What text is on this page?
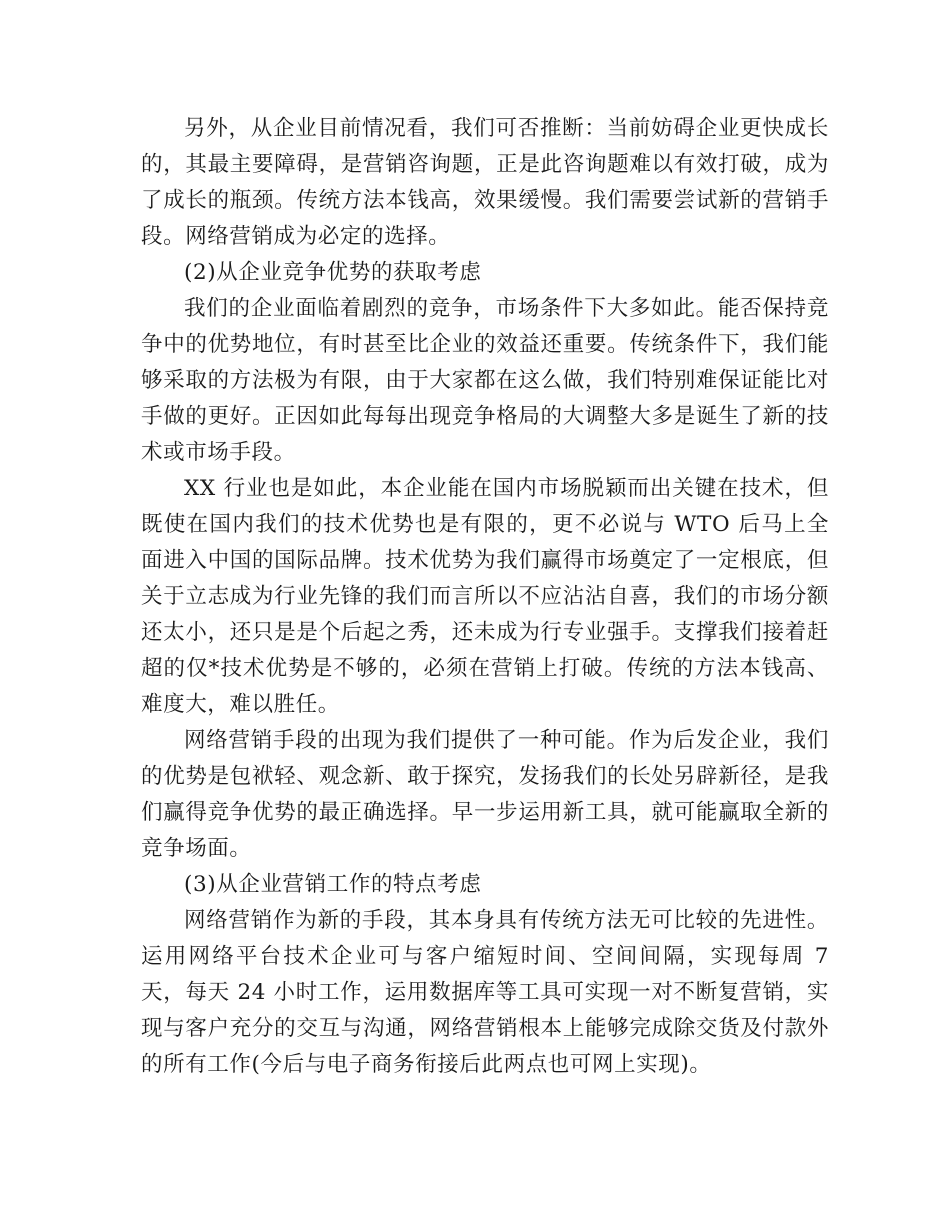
另外，从企业目前情况看，我们可否推断：当前妨碍企业更快成长的，其最主要障碍，是营销咨询题，正是此咨询题难以有效打破，成为了成长的瓶颈。传统方法本钱高，效果缓慢。我们需要尝试新的营销手段。网络营销成为必定的选择。

(2)从企业竞争优势的获取考虑

我们的企业面临着剧烈的竞争，市场条件下大多如此。能否保持竞争中的优势地位，有时甚至比企业的效益还重要。传统条件下，我们能够采取的方法极为有限，由于大家都在这么做，我们特别难保证能比对手做的更好。正因如此每每出现竞争格局的大调整大多是诞生了新的技术或市场手段。

XX 行业也是如此，本企业能在国内市场脱颖而出关键在技术，但既使在国内我们的技术优势也是有限的，更不必说与 WTO 后马上全面进入中国的国际品牌。技术优势为我们赢得市场奠定了一定根底，但关于立志成为行业先锋的我们而言所以不应沾沾自喜，我们的市场分额还太小，还只是是个后起之秀，还未成为行专业强手。支撑我们接着赶超的仅*技术优势是不够的，必须在营销上打破。传统的方法本钱高、难度大，难以胜任。

网络营销手段的出现为我们提供了一种可能。作为后发企业，我们的优势是包袱轻、观念新、敢于探究，发扬我们的长处另辟新径，是我们赢得竞争优势的最正确选择。早一步运用新工具，就可能赢取全新的竞争场面。

(3)从企业营销工作的特点考虑

网络营销作为新的手段，其本身具有传统方法无可比较的先进性。运用网络平台技术企业可与客户缩短时间、空间间隔，实现每周 7 天，每天 24 小时工作，运用数据库等工具可实现一对不断复营销，实现与客户充分的交互与沟通，网络营销根本上能够完成除交货及付款外的所有工作(今后与电子商务衔接后此两点也可网上实现)。
